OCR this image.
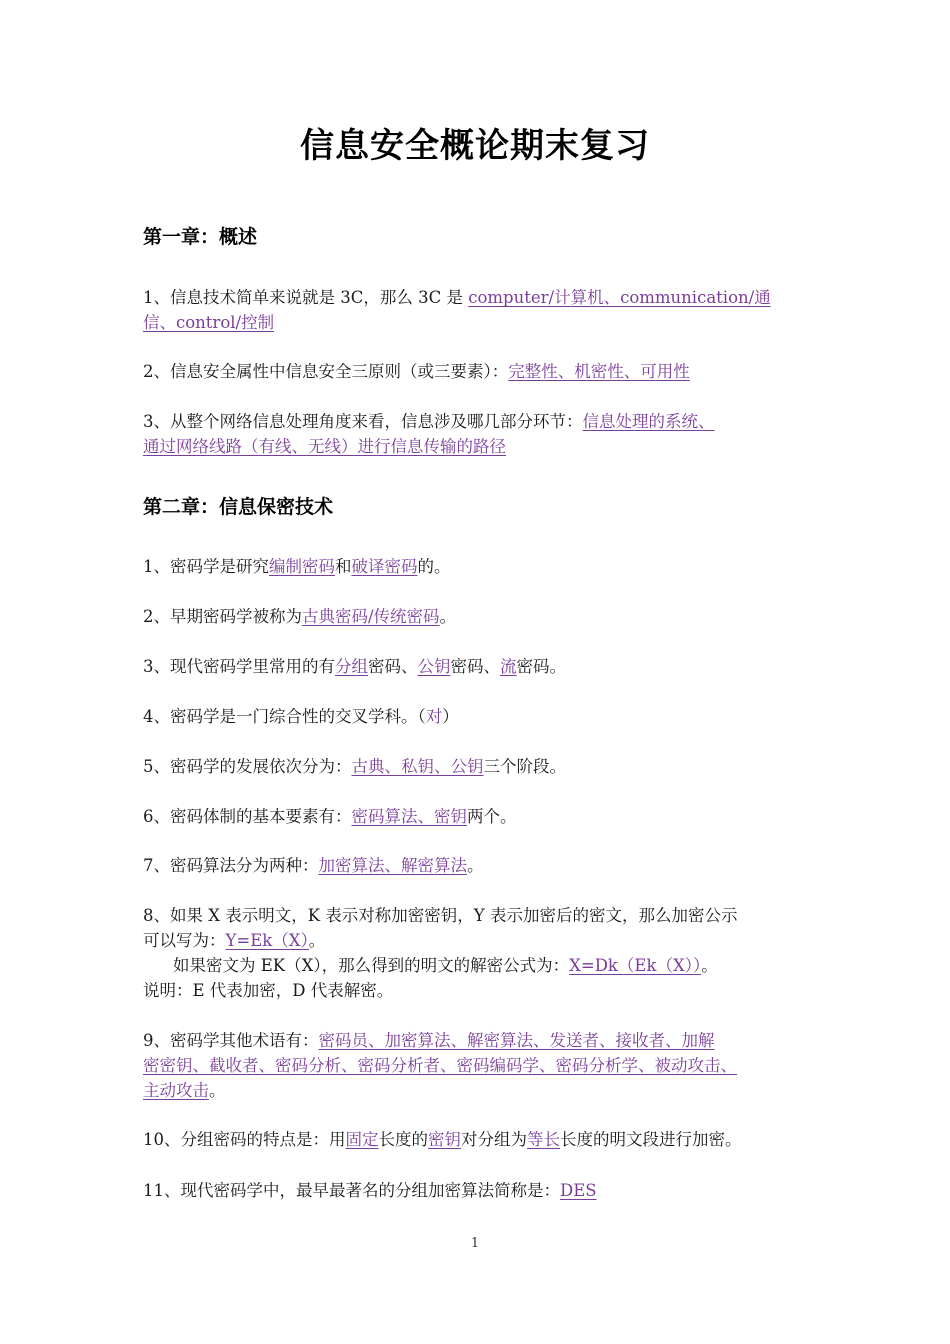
信息安全概论期末复习
第一章：概述
1、信息技术简单来说就是 3C，那么 3C 是 computer/计算机、communication/通
信、control/控制
2、信息安全属性中信息安全三原则（或三要素）：完整性、机密性、可用性
3、从整个网络信息处理角度来看，信息涉及哪几部分环节：信息处理的系统、
通过网络线路（有线、无线）进行信息传输的路径
第二章：信息保密技术
1、密码学是研究编制密码和破译密码的。
2、早期密码学被称为古典密码/传统密码。
3、现代密码学里常用的有分组密码、公钥密码、流密码。
4、密码学是一门综合性的交叉学科。（对）
5、密码学的发展依次分为：古典、私钥、公钥三个阶段。
6、密码体制的基本要素有：密码算法、密钥两个。
7、密码算法分为两种：加密算法、解密算法。
8、如果 X 表示明文，K 表示对称加密密钥，Y 表示加密后的密文，那么加密公示
可以写为：Y=Ek（X）。
如果密文为 EK（X），那么得到的明文的解密公式为：X=Dk（Ek（X））。
说明：E 代表加密，D 代表解密。
9、密码学其他术语有：密码员、加密算法、解密算法、发送者、接收者、加解
密密钥、截收者、密码分析、密码分析者、密码编码学、密码分析学、被动攻击、
主动攻击。
10、分组密码的特点是：用固定长度的密钥对分组为等长长度的明文段进行加密。
11、现代密码学中，最早最著名的分组加密算法简称是：DES
1
